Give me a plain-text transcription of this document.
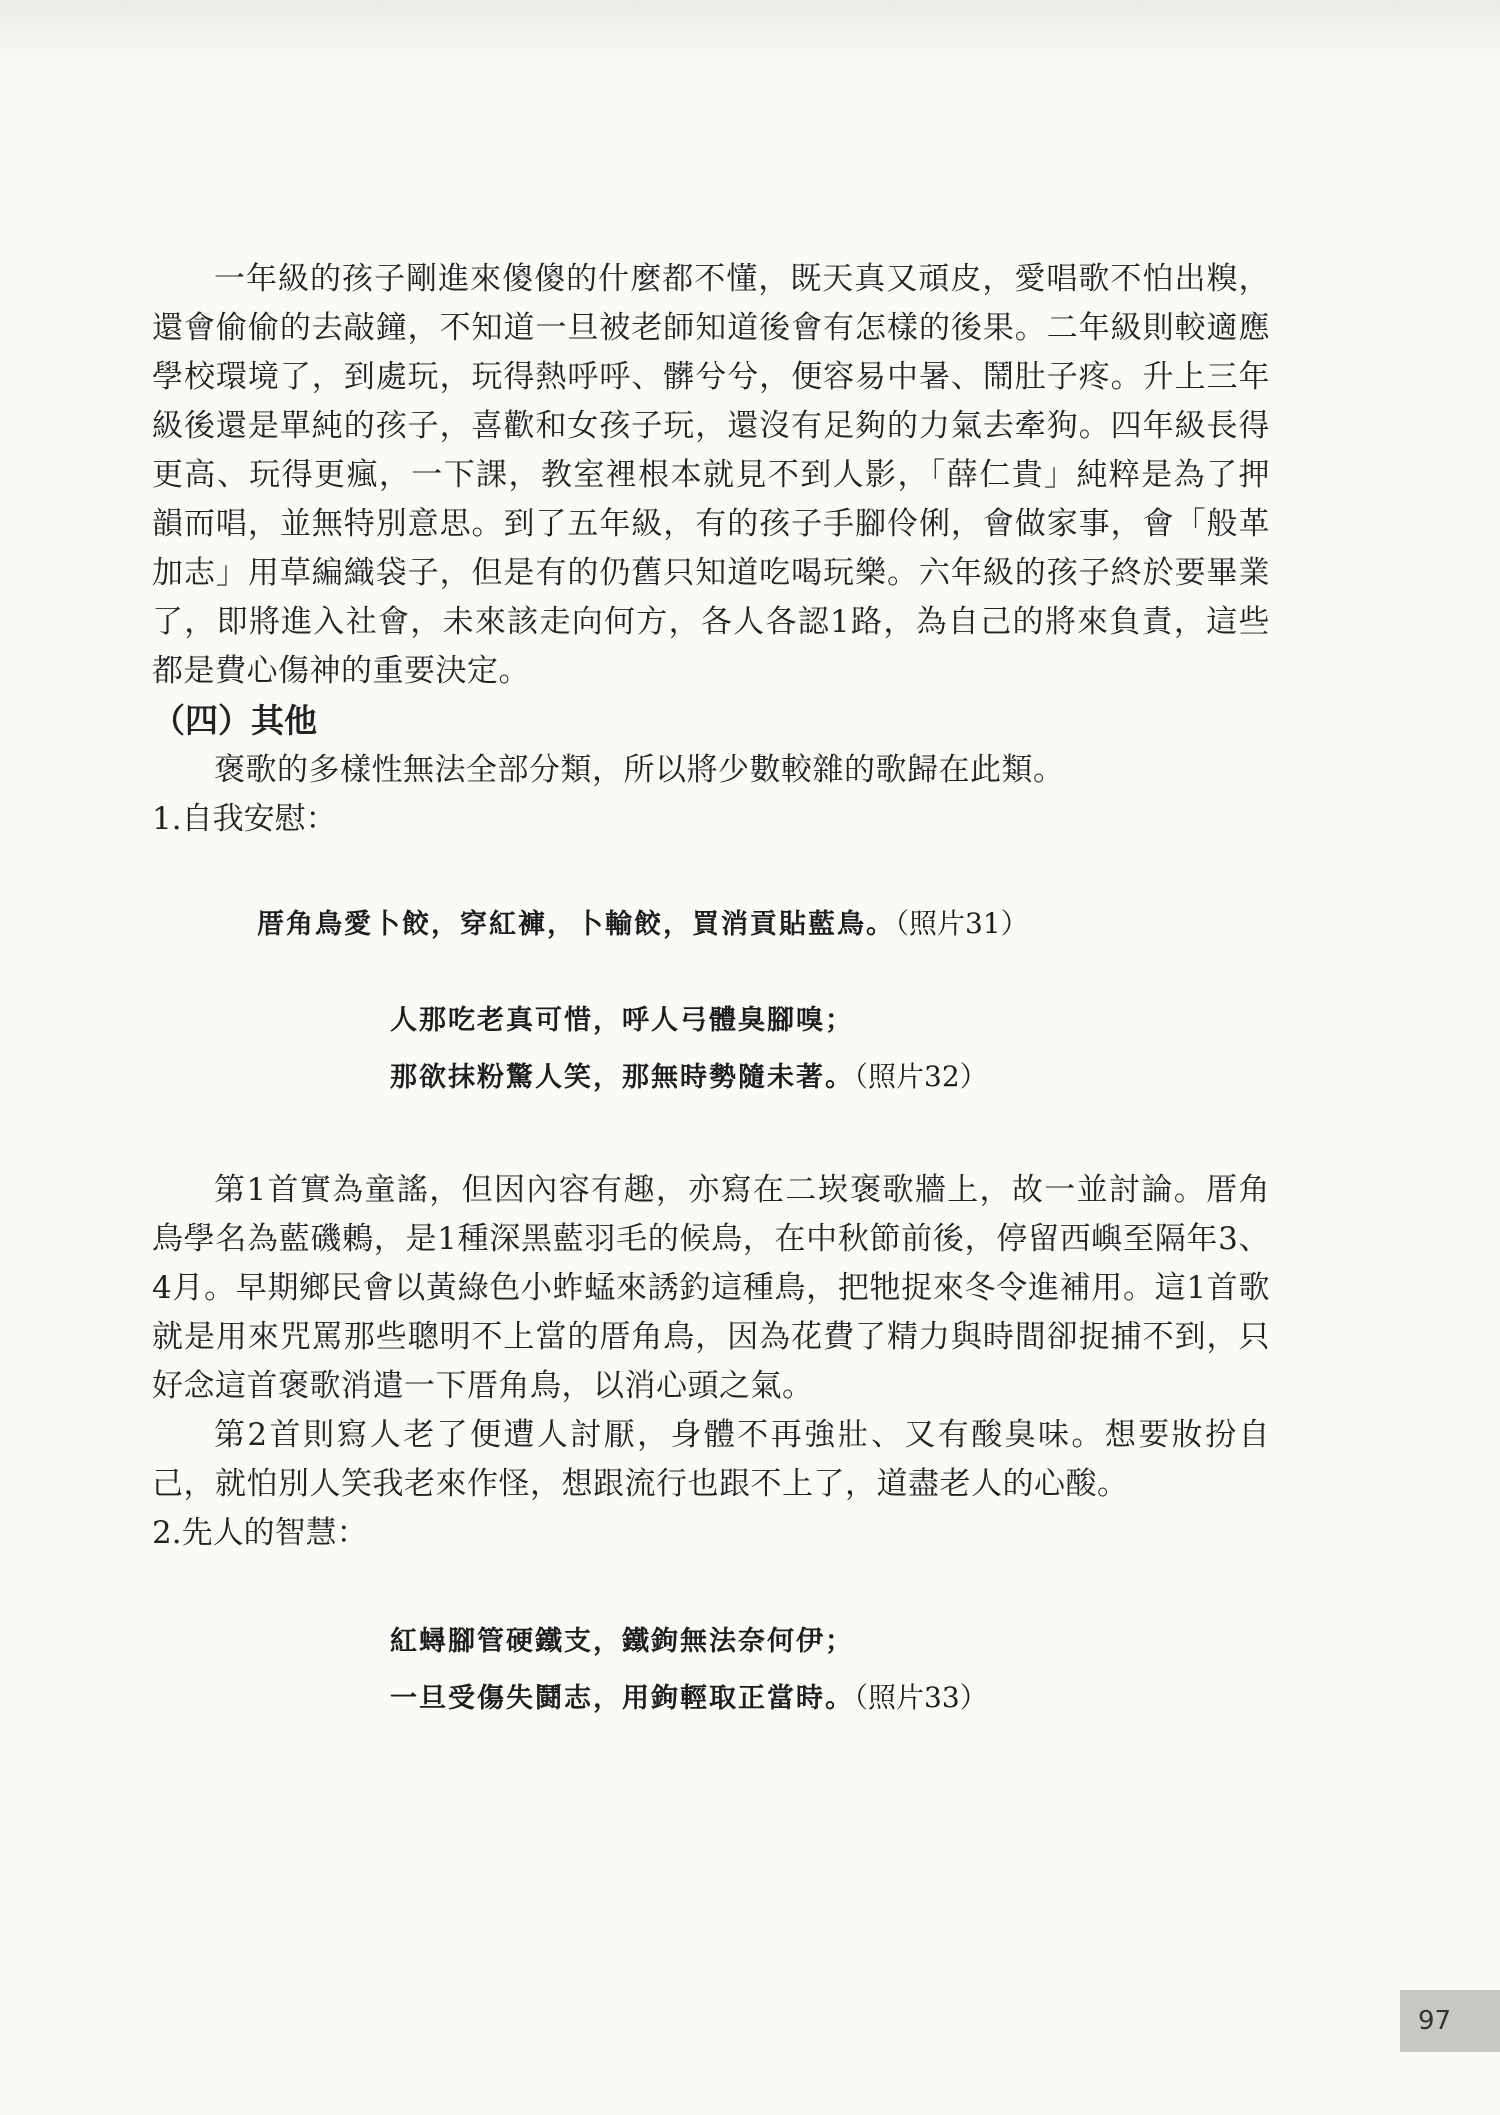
一年級的孩子剛進來傻傻的什麼都不懂，既天真又頑皮，愛唱歌不怕出糗，還會偷偷的去敲鐘，不知道一旦被老師知道後會有怎樣的後果。二年級則較適應學校環境了，到處玩，玩得熱呼呼、髒兮兮，便容易中暑、鬧肚子疼。升上三年級後還是單純的孩子，喜歡和女孩子玩，還沒有足夠的力氣去牽狗。四年級長得更高、玩得更瘋，一下課，教室裡根本就見不到人影，「薛仁貴」純粹是為了押韻而唱，並無特別意思。到了五年級，有的孩子手腳伶俐，會做家事，會「般革加志」用草編織袋子，但是有的仍舊只知道吃喝玩樂。六年級的孩子終於要畢業了，即將進入社會，未來該走向何方，各人各認1路，為自己的將來負責，這些都是費心傷神的重要決定。

（四）其他

褒歌的多樣性無法全部分類，所以將少數較雜的歌歸在此類。

1.自我安慰：

厝角鳥愛卜餃，穿紅褲，卜輸餃，買消貢貼藍鳥。（照片31）

人那吃老真可惜，呼人弓體臭腳嗅；

那欲抹粉驚人笑，那無時勢隨未著。（照片32）

第1首實為童謠，但因內容有趣，亦寫在二崁褒歌牆上，故一並討論。厝角鳥學名為藍磯鶇，是1種深黑藍羽毛的候鳥，在中秋節前後，停留西嶼至隔年3、4月。早期鄉民會以黃綠色小蚱蜢來誘釣這種鳥，把牠捉來冬令進補用。這1首歌就是用來咒罵那些聰明不上當的厝角鳥，因為花費了精力與時間卻捉捕不到，只好念這首褒歌消遣一下厝角鳥，以消心頭之氣。

第2首則寫人老了便遭人討厭，身體不再強壯、又有酸臭味。想要妝扮自己，就怕別人笑我老來作怪，想跟流行也跟不上了，道盡老人的心酸。

2.先人的智慧：

紅蟳腳管硬鐵支，鐵鉤無法奈何伊；

一旦受傷失鬪志，用鉤輕取正當時。（照片33）

97
